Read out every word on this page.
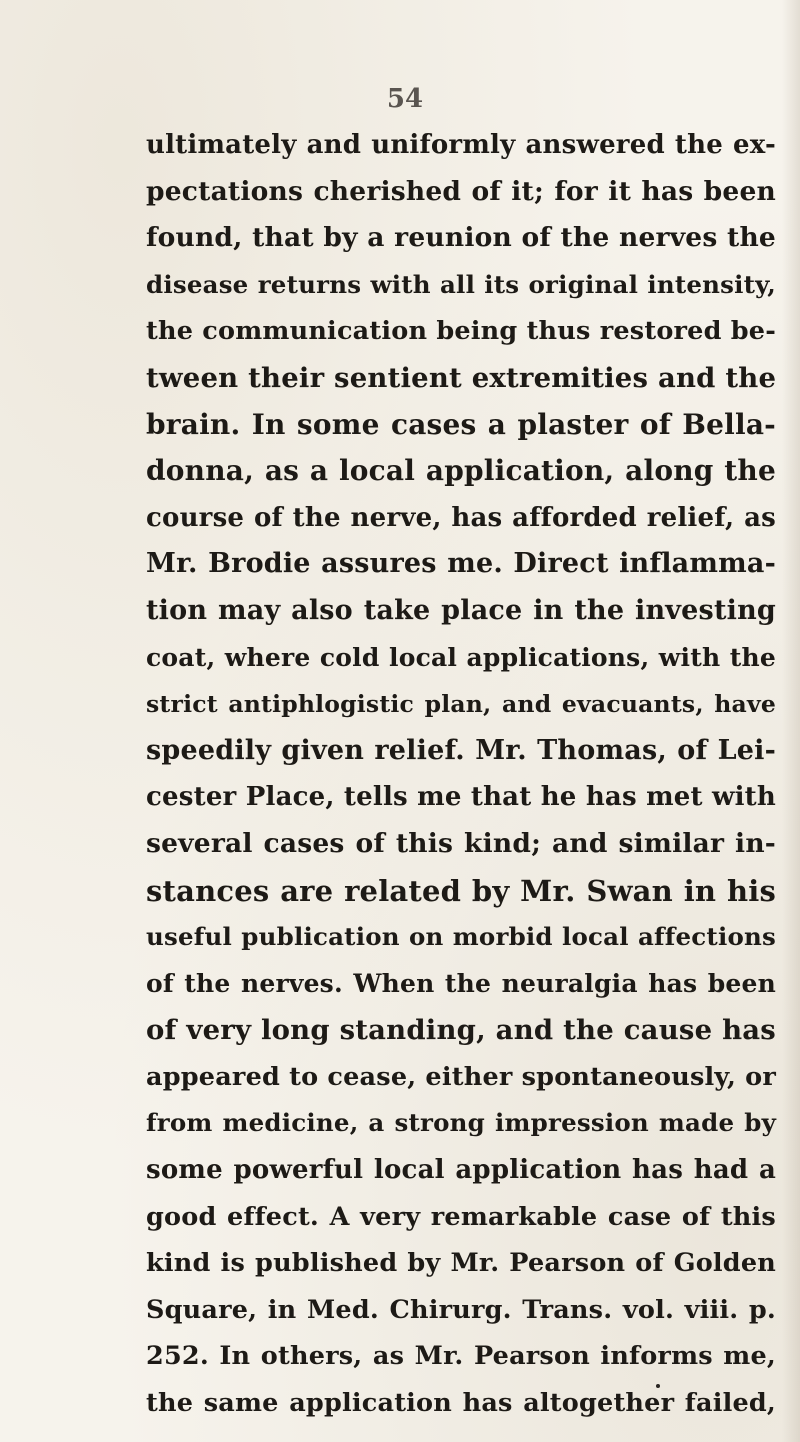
54
ultimately and uniformly answered the ex-
pectations cherished of it; for it has been
found, that by a reunion of the nerves the
disease returns with all its original intensity,
the communication being thus restored be-
tween their sentient extremities and the
brain. In some cases a plaster of Bella-
donna, as a local application, along the
course of the nerve, has afforded relief, as
Mr. Brodie assures me. Direct inflamma-
tion may also take place in the investing
coat, where cold local applications, with the
strict antiphlogistic plan, and evacuants, have
speedily given relief. Mr. Thomas, of Lei-
cester Place, tells me that he has met with
several cases of this kind; and similar in-
stances are related by Mr. Swan in his
useful publication on morbid local affections
of the nerves. When the neuralgia has been
of very long standing, and the cause has
appeared to cease, either spontaneously, or
from medicine, a strong impression made by
some powerful local application has had a
good effect. A very remarkable case of this
kind is published by Mr. Pearson of Golden
Square, in Med. Chirurg. Trans. vol. viii. p.
252. In others, as Mr. Pearson informs me,
the same application has altogether failed,
